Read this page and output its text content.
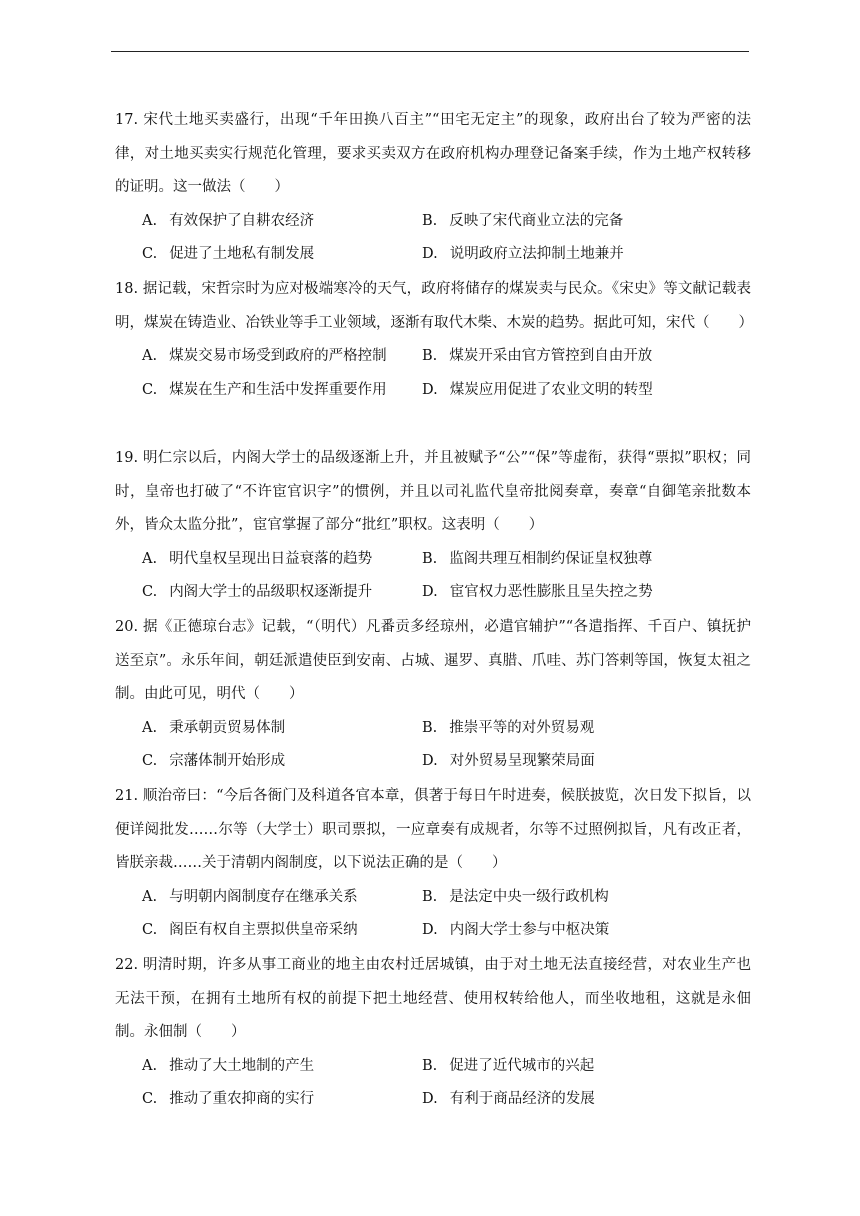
17. 宋代土地买卖盛行，出现“千年田换八百主”“田宅无定主”的现象，政府出台了较为严密的法律，对土地买卖实行规范化管理，要求买卖双方在政府机构办理登记备案手续，作为土地产权转移的证明。这一做法（　　）

A. 有效保护了自耕农经济	B. 反映了宋代商业立法的完备
C. 促进了土地私有制发展	D. 说明政府立法抑制土地兼并

18. 据记载，宋哲宗时为应对极端寒冷的天气，政府将储存的煤炭卖与民众。《宋史》等文献记载表明，煤炭在铸造业、冶铁业等手工业领域，逐渐有取代木柴、木炭的趋势。据此可知，宋代（　　）

A. 煤炭交易市场受到政府的严格控制 B. 煤炭开采由官方管控到自由开放
C. 煤炭在生产和生活中发挥重要作用 D. 煤炭应用促进了农业文明的转型

19. 明仁宗以后，内阁大学士的品级逐渐上升，并且被赋予“公”“保”等虚衔，获得“票拟”职权；同时，皇帝也打破了“不许宦官识字”的惯例，并且以司礼监代皇帝批阅奏章，奏章“自御笔亲批数本外，皆众太监分批”，宦官掌握了部分“批红”职权。这表明（　　）

A. 明代皇权呈现出日益衰落的趋势	B. 监阁共理互相制约保证皇权独尊
C. 内阁大学士的品级职权逐渐提升	D. 宦官权力恶性膨胀且呈失控之势

20. 据《正德琼台志》记载，“（明代）凡番贡多经琼州，必遣官辅护”“各遣指挥、千百户、镇抚护送至京”。永乐年间，朝廷派遣使臣到安南、占城、暹罗、真腊、爪哇、苏门答剌等国，恢复太祖之制。由此可见，明代（　　）

A. 秉承朝贡贸易体制	B. 推崇平等的对外贸易观
C. 宗藩体制开始形成	D. 对外贸易呈现繁荣局面

21. 顺治帝曰：“今后各衙门及科道各官本章，俱著于每日午时进奏，候朕披览，次日发下拟旨，以便详阅批发……尔等（大学士）职司票拟，一应章奏有成规者，尔等不过照例拟旨，凡有改正者，皆朕亲裁……关于清朝内阁制度，以下说法正确的是（　　）

A. 与明朝内阁制度存在继承关系	B. 是法定中央一级行政机构
C. 阁臣有权自主票拟供皇帝采纳	D. 内阁大学士参与中枢决策

22. 明清时期，许多从事工商业的地主由农村迁居城镇，由于对土地无法直接经营，对农业生产也无法干预，在拥有土地所有权的前提下把土地经营、使用权转给他人，而坐收地租，这就是永佃制。永佃制（　　）

A. 推动了大土地制的产生	B. 促进了近代城市的兴起
C. 推动了重农抑商的实行	D. 有利于商品经济的发展
